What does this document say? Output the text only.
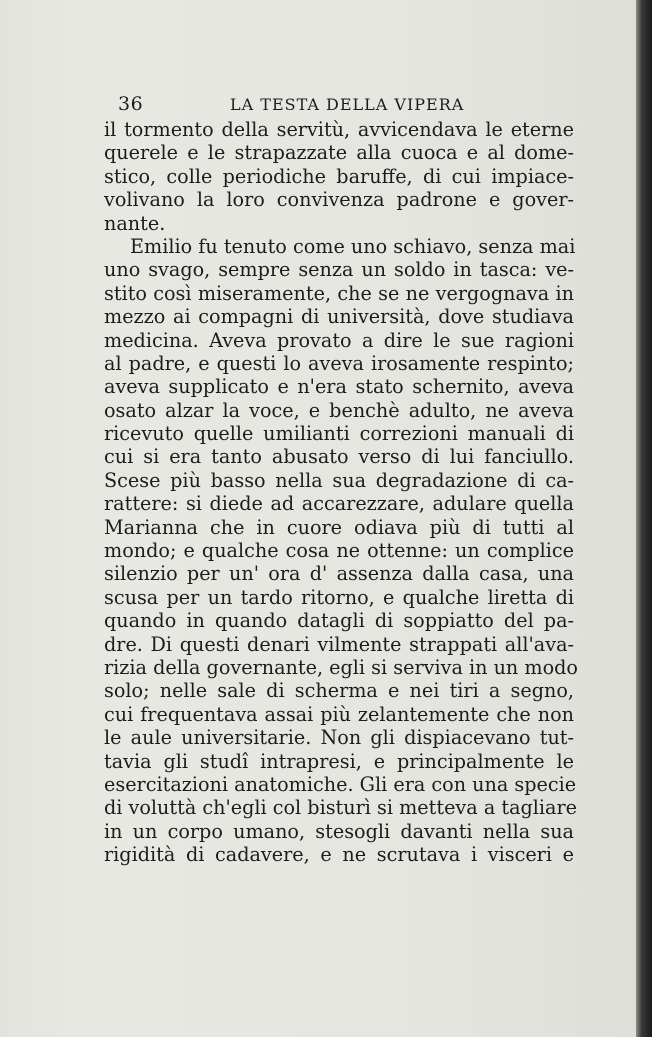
36	LA TESTA DELLA VIPERA
il tormento della servitù, avvicendava le eterne
querele e le strapazzate alla cuoca e al dome-
stico, colle periodiche baruffe, di cui impiace-
volivano la loro convivenza padrone e gover-
nante.
Emilio fu tenuto come uno schiavo, senza mai
uno svago, sempre senza un soldo in tasca: ve-
stito così miseramente, che se ne vergognava in
mezzo ai compagni di università, dove studiava
medicina. Aveva provato a dire le sue ragioni
al padre, e questi lo aveva irosamente respinto;
aveva supplicato e n'era stato schernito, aveva
osato alzar la voce, e benchè adulto, ne aveva
ricevuto quelle umilianti correzioni manuali di
cui si era tanto abusato verso di lui fanciullo.
Scese più basso nella sua degradazione di ca-
rattere: si diede ad accarezzare, adulare quella
Marianna che in cuore odiava più di tutti al
mondo; e qualche cosa ne ottenne: un complice
silenzio per un' ora d' assenza dalla casa, una
scusa per un tardo ritorno, e qualche liretta di
quando in quando datagli di soppiatto del pa-
dre. Di questi denari vilmente strappati all'ava-
rizia della governante, egli si serviva in un modo
solo; nelle sale di scherma e nei tiri a segno,
cui frequentava assai più zelantemente che non
le aule universitarie. Non gli dispiacevano tut-
tavia gli studî intrapresi, e principalmente le
esercitazioni anatomiche. Gli era con una specie
di voluttà ch'egli col bisturì si metteva a tagliare
in un corpo umano, stesogli davanti nella sua
rigidità di cadavere, e ne scrutava i visceri e
